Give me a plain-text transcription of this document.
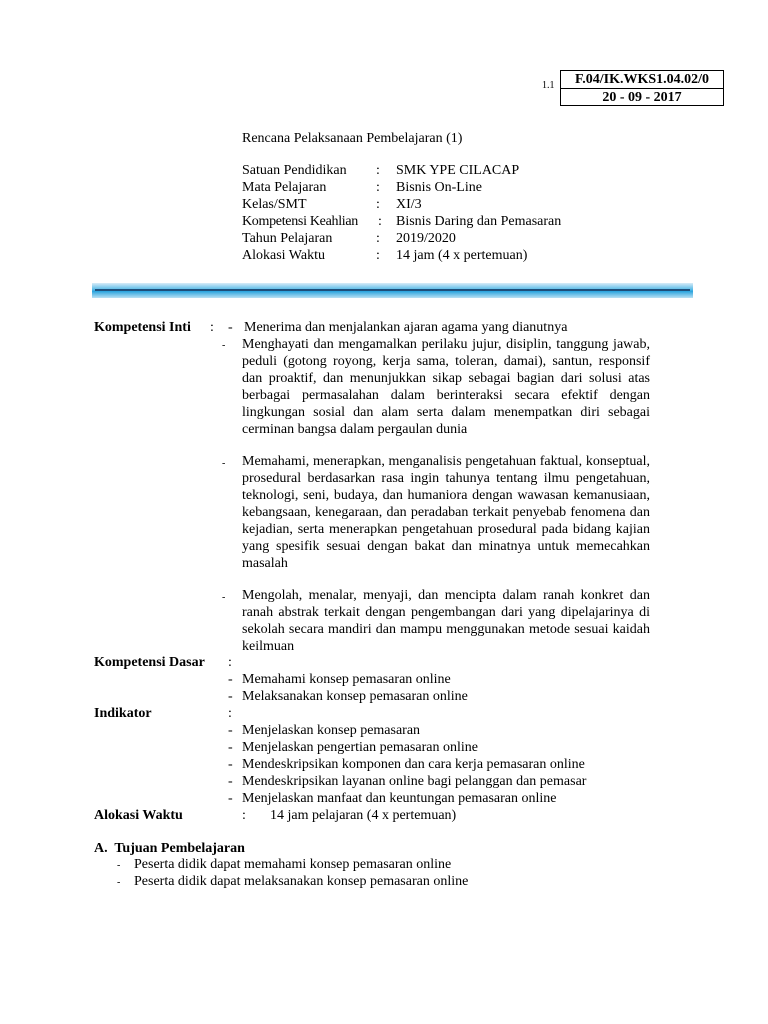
1.1	F.04/IK.WKS1.04.02/0
20 - 09 - 2017
Rencana Pelaksanaan Pembelajaran (1)
Satuan Pendidikan : SMK YPE CILACAP
Mata Pelajaran	: Bisnis On-Line
Kelas/SMT	: XI/3
Kompetensi Keahlian : Bisnis Daring dan Pemasaran
Tahun Pelajaran	: 2019/2020
Alokasi Waktu	: 14 jam (4 x pertemuan)
Kompetensi Inti : - Menerima dan menjalankan ajaran agama yang dianutnya
- Menghayati dan mengamalkan perilaku jujur, disiplin, tanggung jawab, peduli (gotong royong, kerja sama, toleran, damai), santun, responsif dan proaktif, dan menunjukkan sikap sebagai bagian dari solusi atas berbagai permasalahan dalam berinteraksi secara efektif dengan lingkungan sosial dan alam serta dalam menempatkan diri sebagai cerminan bangsa dalam pergaulan dunia
- Memahami, menerapkan, menganalisis pengetahuan faktual, konseptual, prosedural berdasarkan rasa ingin tahunya tentang ilmu pengetahuan, teknologi, seni, budaya, dan humaniora dengan wawasan kemanusiaan, kebangsaan, kenegaraan, dan peradaban terkait penyebab fenomena dan kejadian, serta menerapkan pengetahuan prosedural pada bidang kajian yang spesifik sesuai dengan bakat dan minatnya untuk memecahkan masalah
- Mengolah, menalar, menyaji, dan mencipta dalam ranah konkret dan ranah abstrak terkait dengan pengembangan dari yang dipelajarinya di sekolah secara mandiri dan mampu menggunakan metode sesuai kaidah keilmuan
Kompetensi Dasar :
- Memahami konsep pemasaran online
- Melaksanakan konsep pemasaran online
Indikator	:
- Menjelaskan konsep pemasaran
- Menjelaskan pengertian pemasaran online
- Mendeskripsikan komponen dan cara kerja pemasaran online
- Mendeskripsikan layanan online bagi pelanggan dan pemasar
- Menjelaskan manfaat dan keuntungan pemasaran online
Alokasi Waktu	: 14 jam pelajaran (4 x pertemuan)
A.  Tujuan Pembelajaran
- Peserta didik dapat memahami konsep pemasaran online
- Peserta didik dapat melaksanakan konsep pemasaran online
